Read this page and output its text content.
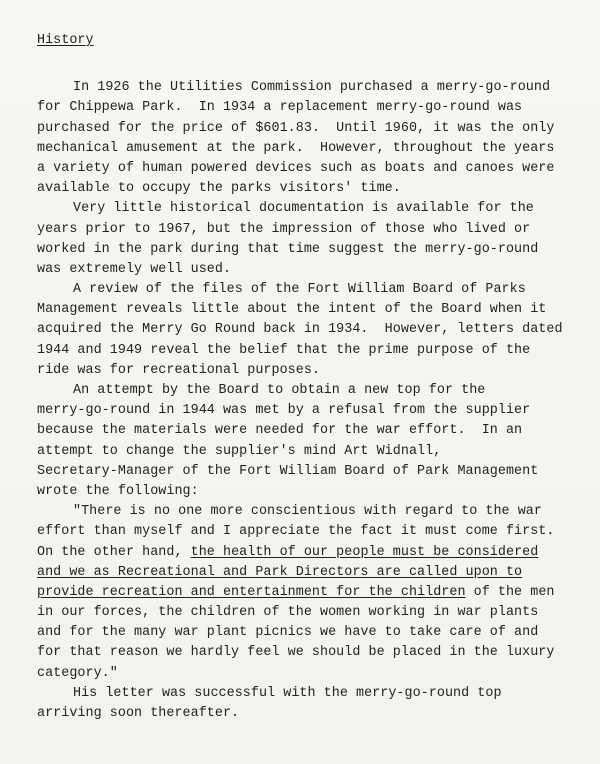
History
In 1926 the Utilities Commission purchased a merry-go-round
for Chippewa Park.  In 1934 a replacement merry-go-round was
purchased for the price of $601.83.  Until 1960, it was the only
mechanical amusement at the park.  However, throughout the years
a variety of human powered devices such as boats and canoes were
available to occupy the parks visitors' time.
Very little historical documentation is available for the
years prior to 1967, but the impression of those who lived or
worked in the park during that time suggest the merry-go-round
was extremely well used.
A review of the files of the Fort William Board of Parks
Management reveals little about the intent of the Board when it
acquired the Merry Go Round back in 1934.  However, letters dated
1944 and 1949 reveal the belief that the prime purpose of the
ride was for recreational purposes.
An attempt by the Board to obtain a new top for the
merry-go-round in 1944 was met by a refusal from the supplier
because the materials were needed for the war effort.  In an
attempt to change the supplier's mind Art Widnall,
Secretary-Manager of the Fort William Board of Park Management
wrote the following:
"There is no one more conscientious with regard to the war
effort than myself and I appreciate the fact it must come first.
On the other hand, the health of our people must be considered
and we as Recreational and Park Directors are called upon to
provide recreation and entertainment for the children of the men
in our forces, the children of the women working in war plants
and for the many war plant picnics we have to take care of and
for that reason we hardly feel we should be placed in the luxury
category."
His letter was successful with the merry-go-round top
arriving soon thereafter.
